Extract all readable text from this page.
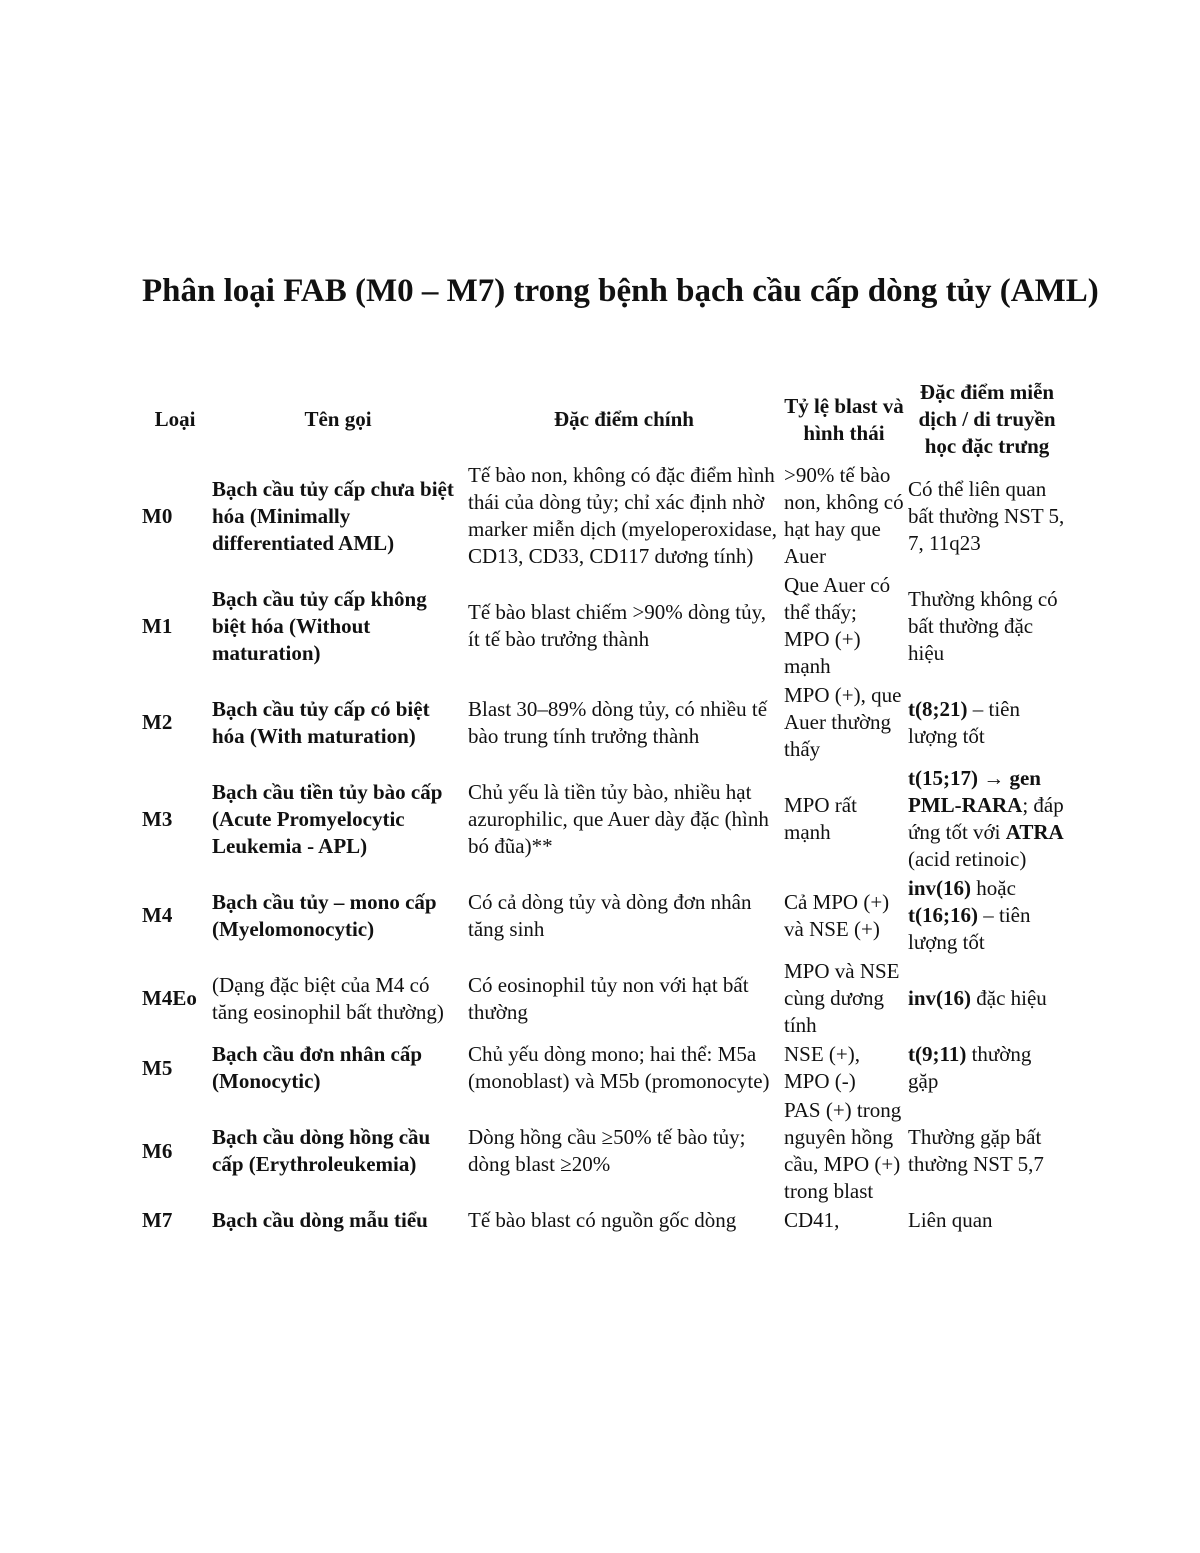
Phân loại FAB (M0 – M7) trong bệnh bạch cầu cấp dòng tủy (AML)
Loại	Tên gọi	Đặc điểm chính	Tỷ lệ blast và hình thái	Đặc điểm miễn dịch / di truyền học đặc trưng
M0	Bạch cầu tủy cấp chưa biệt hóa (Minimally differentiated AML)	Tế bào non, không có đặc điểm hình thái của dòng tủy; chỉ xác định nhờ marker miễn dịch (myeloperoxidase, CD13, CD33, CD117 dương tính)	>90% tế bào non, không có hạt hay que Auer	Có thể liên quan bất thường NST 5, 7, 11q23
M1	Bạch cầu tủy cấp không biệt hóa (Without maturation)	Tế bào blast chiếm >90% dòng tủy, ít tế bào trưởng thành	Que Auer có thể thấy; MPO (+) mạnh	Thường không có bất thường đặc hiệu
M2	Bạch cầu tủy cấp có biệt hóa (With maturation)	Blast 30–89% dòng tủy, có nhiều tế bào trung tính trưởng thành	MPO (+), que Auer thường thấy	t(8;21) – tiên lượng tốt
M3	Bạch cầu tiền tủy bào cấp (Acute Promyelocytic Leukemia - APL)	Chủ yếu là tiền tủy bào, nhiều hạt azurophilic, que Auer dày đặc (hình bó đũa)**	MPO rất mạnh	t(15;17) → gen PML-RARA; đáp ứng tốt với ATRA (acid retinoic)
M4	Bạch cầu tủy – mono cấp (Myelomonocytic)	Có cả dòng tủy và dòng đơn nhân tăng sinh	Cả MPO (+) và NSE (+)	inv(16) hoặc t(16;16) – tiên lượng tốt
M4Eo	(Dạng đặc biệt của M4 có tăng eosinophil bất thường)	Có eosinophil tủy non với hạt bất thường	MPO và NSE cùng dương tính	inv(16) đặc hiệu
M5	Bạch cầu đơn nhân cấp (Monocytic)	Chủ yếu dòng mono; hai thể: M5a (monoblast) và M5b (promonocyte)	NSE (+), MPO (-)	t(9;11) thường gặp
M6	Bạch cầu dòng hồng cầu cấp (Erythroleukemia)	Dòng hồng cầu ≥50% tế bào tủy; dòng blast ≥20%	PAS (+) trong nguyên hồng cầu, MPO (+) trong blast	Thường gặp bất thường NST 5,7
M7	Bạch cầu dòng mẫu tiểu	Tế bào blast có nguồn gốc dòng	CD41,	Liên quan
